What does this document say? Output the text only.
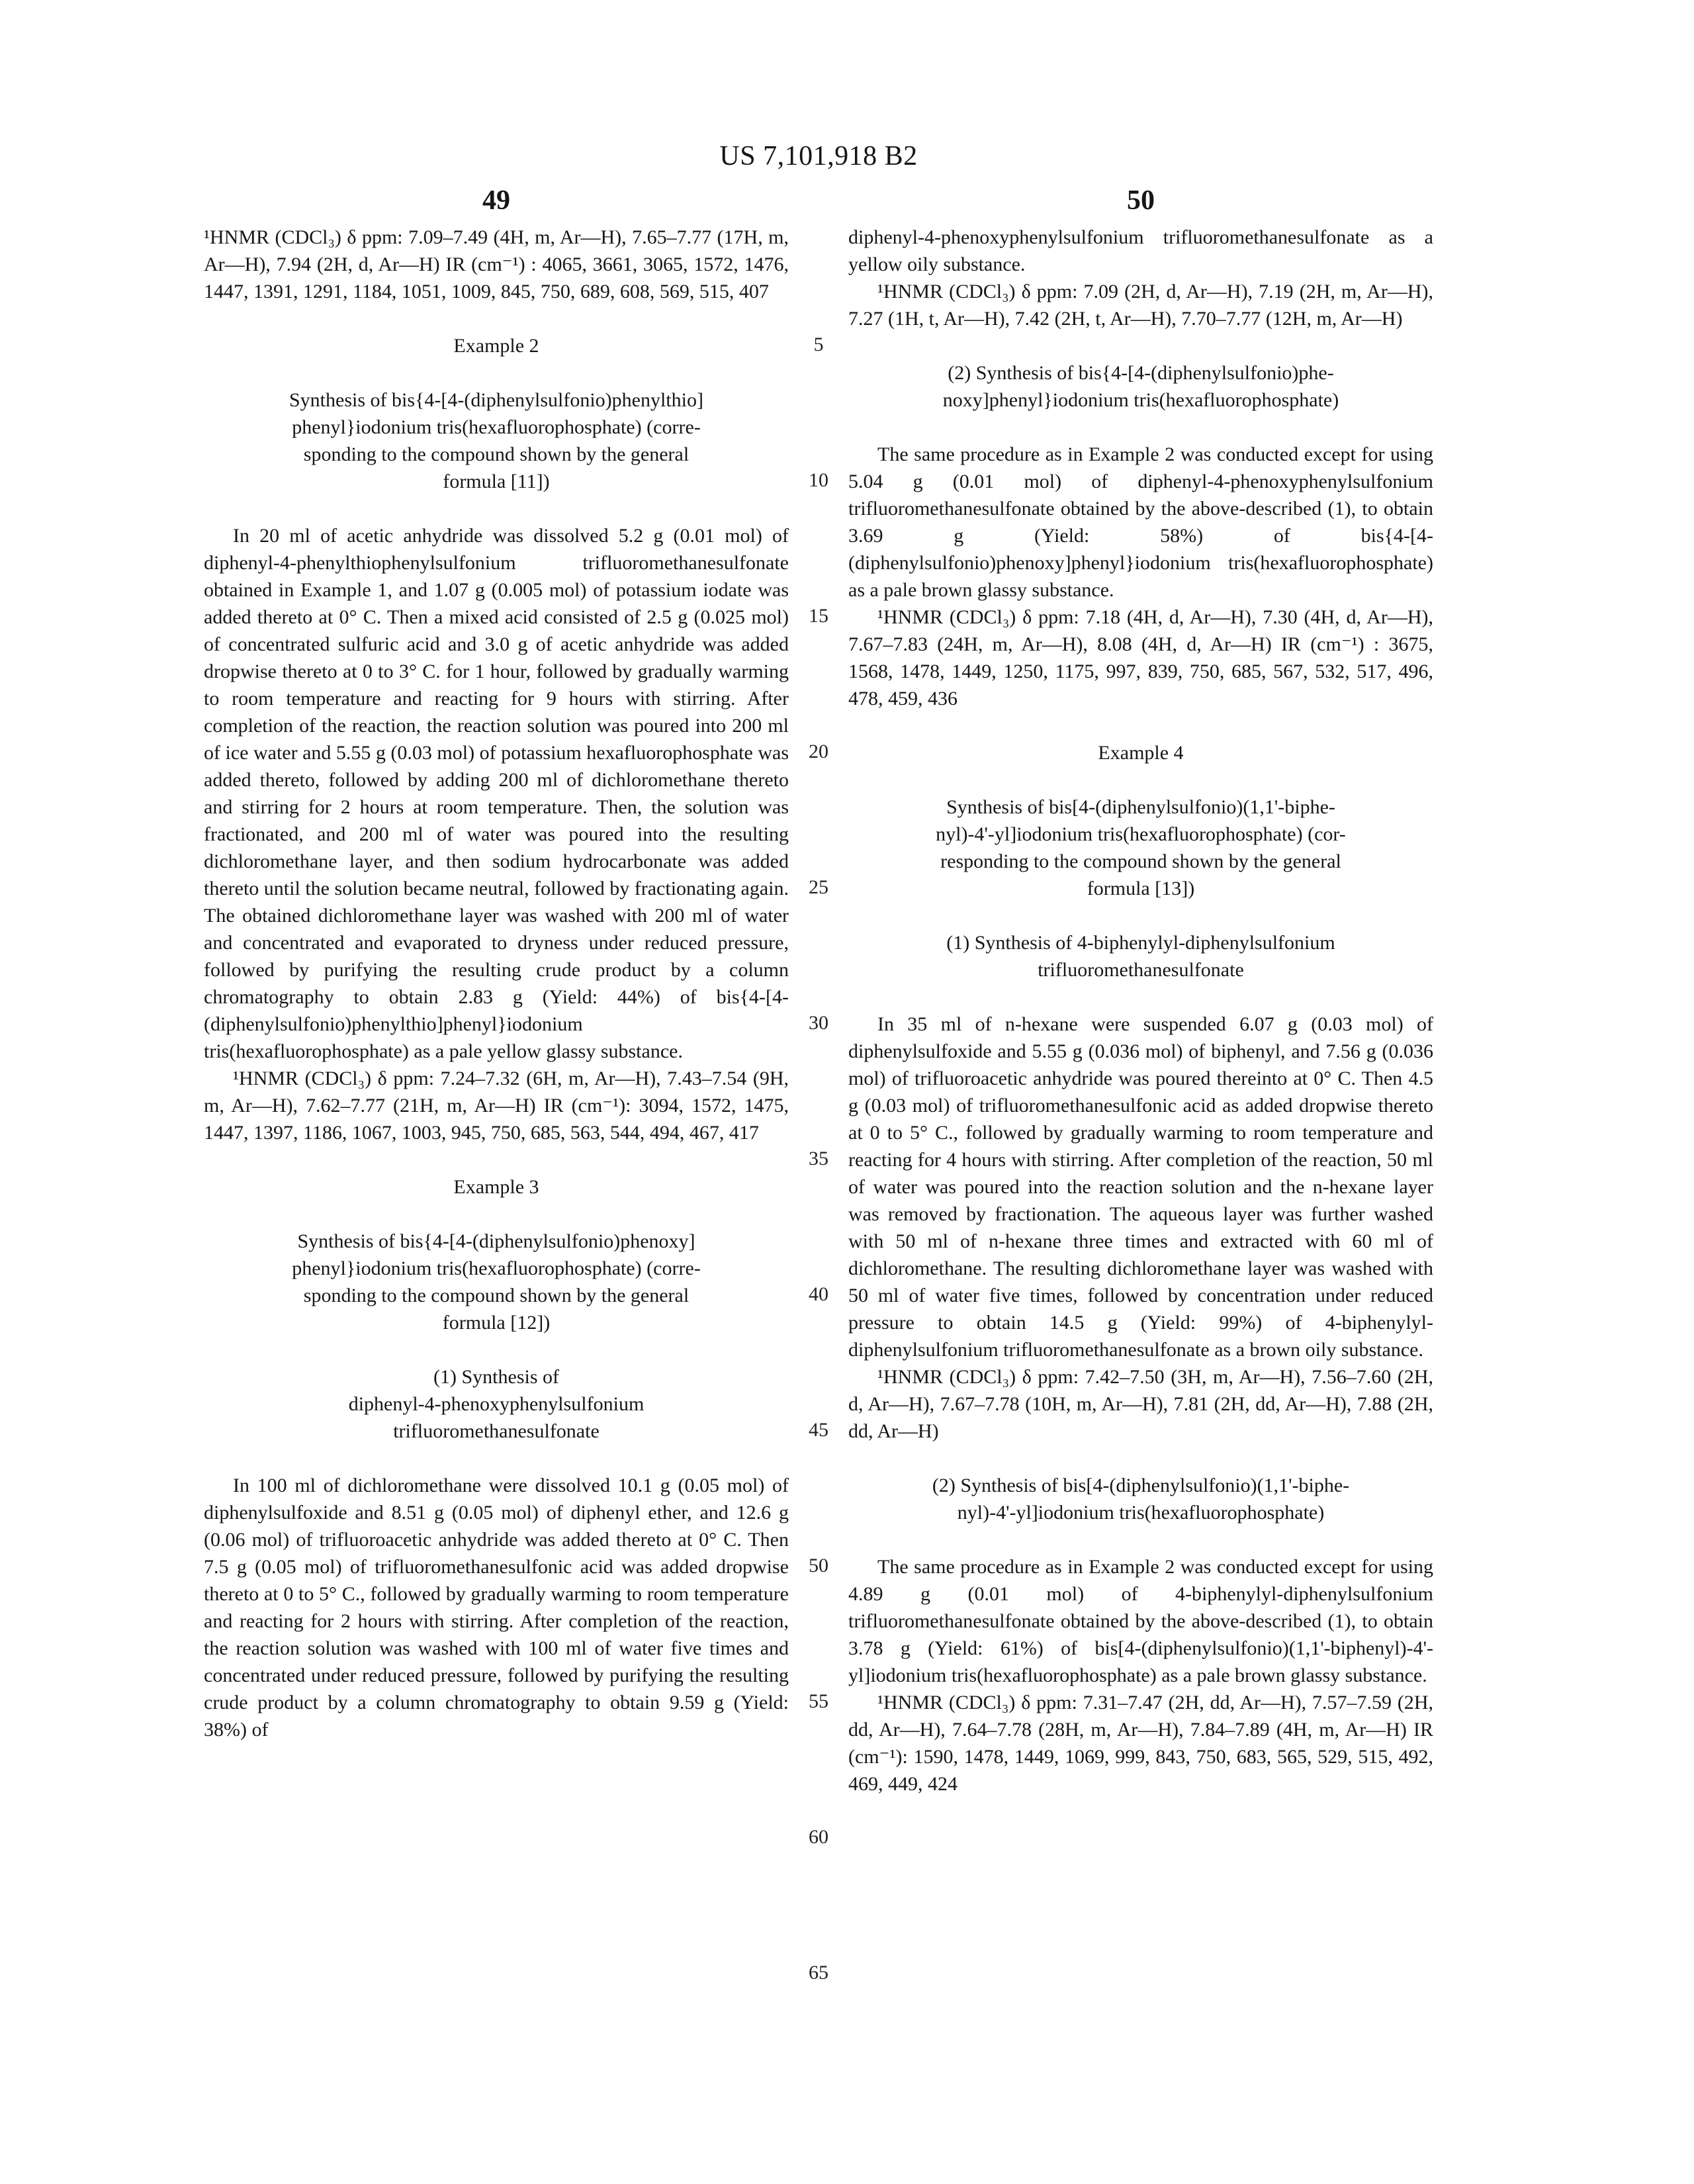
US 7,101,918 B2
5
10
15
20
25
30
35
40
45
50
55
60
65
49

¹HNMR (CDCl₃) δ ppm: 7.09–7.49 (4H, m, Ar—H), 7.65–7.77 (17H, m, Ar—H), 7.94 (2H, d, Ar—H) IR (cm⁻¹) : 4065, 3661, 3065, 1572, 1476, 1447, 1391, 1291, 1184, 1051, 1009, 845, 750, 689, 608, 569, 515, 407

Example 2
Synthesis of bis{4-[4-(diphenylsulfonio)phenylthio]
phenyl}iodonium tris(hexafluorophosphate) (corre-
sponding to the compound shown by the general
formula [11])

In 20 ml of acetic anhydride was dissolved 5.2 g (0.01 mol) of diphenyl-4-phenylthiophenylsulfonium trifluoromethanesulfonate obtained in Example 1, and 1.07 g (0.005 mol) of potassium iodate was added thereto at 0° C. Then a mixed acid consisted of 2.5 g (0.025 mol) of concentrated sulfuric acid and 3.0 g of acetic anhydride was added dropwise thereto at 0 to 3° C. for 1 hour, followed by gradually warming to room temperature and reacting for 9 hours with stirring. After completion of the reaction, the reaction solution was poured into 200 ml of ice water and 5.55 g (0.03 mol) of potassium hexafluorophosphate was added thereto, followed by adding 200 ml of dichloromethane thereto and stirring for 2 hours at room temperature. Then, the solution was fractionated, and 200 ml of water was poured into the resulting dichloromethane layer, and then sodium hydrocarbonate was added thereto until the solution became neutral, followed by fractionating again. The obtained dichloromethane layer was washed with 200 ml of water and concentrated and evaporated to dryness under reduced pressure, followed by purifying the resulting crude product by a column chromatography to obtain 2.83 g (Yield: 44%) of bis{4-[4-(diphenylsulfonio)phenylthio]phenyl}iodonium tris(hexafluorophosphate) as a pale yellow glassy substance.

¹HNMR (CDCl₃) δ ppm: 7.24–7.32 (6H, m, Ar—H), 7.43–7.54 (9H, m, Ar—H), 7.62–7.77 (21H, m, Ar—H) IR (cm⁻¹): 3094, 1572, 1475, 1447, 1397, 1186, 1067, 1003, 945, 750, 685, 563, 544, 494, 467, 417

Example 3
Synthesis of bis{4-[4-(diphenylsulfonio)phenoxy]
phenyl}iodonium tris(hexafluorophosphate) (corre-
sponding to the compound shown by the general
formula [12])
(1) Synthesis of
diphenyl-4-phenoxyphenylsulfonium
trifluoromethanesulfonate

In 100 ml of dichloromethane were dissolved 10.1 g (0.05 mol) of diphenylsulfoxide and 8.51 g (0.05 mol) of diphenyl ether, and 12.6 g (0.06 mol) of trifluoroacetic anhydride was added thereto at 0° C. Then 7.5 g (0.05 mol) of trifluoromethanesulfonic acid was added dropwise thereto at 0 to 5° C., followed by gradually warming to room temperature and reacting for 2 hours with stirring. After completion of the reaction, the reaction solution was washed with 100 ml of water five times and concentrated under reduced pressure, followed by purifying the resulting crude product by a column chromatography to obtain 9.59 g (Yield: 38%) of

50

diphenyl-4-phenoxyphenylsulfonium trifluoromethanesulfonate as a yellow oily substance.

¹HNMR (CDCl₃) δ ppm: 7.09 (2H, d, Ar—H), 7.19 (2H, m, Ar—H), 7.27 (1H, t, Ar—H), 7.42 (2H, t, Ar—H), 7.70–7.77 (12H, m, Ar—H)

(2) Synthesis of bis{4-[4-(diphenylsulfonio)phe-
noxy]phenyl}iodonium tris(hexafluorophosphate)

The same procedure as in Example 2 was conducted except for using 5.04 g (0.01 mol) of diphenyl-4-phenoxyphenylsulfonium trifluoromethanesulfonate obtained by the above-described (1), to obtain 3.69 g (Yield: 58%) of bis{4-[4-(diphenylsulfonio)phenoxy]phenyl}iodonium tris(hexafluorophosphate) as a pale brown glassy substance.

¹HNMR (CDCl₃) δ ppm: 7.18 (4H, d, Ar—H), 7.30 (4H, d, Ar—H), 7.67–7.83 (24H, m, Ar—H), 8.08 (4H, d, Ar—H) IR (cm⁻¹) : 3675, 1568, 1478, 1449, 1250, 1175, 997, 839, 750, 685, 567, 532, 517, 496, 478, 459, 436

Example 4
Synthesis of bis[4-(diphenylsulfonio)(1,1'-biphe-
nyl)-4'-yl]iodonium tris(hexafluorophosphate) (cor-
responding to the compound shown by the general
formula [13])
(1) Synthesis of 4-biphenylyl-diphenylsulfonium
trifluoromethanesulfonate

In 35 ml of n-hexane were suspended 6.07 g (0.03 mol) of diphenylsulfoxide and 5.55 g (0.036 mol) of biphenyl, and 7.56 g (0.036 mol) of trifluoroacetic anhydride was poured thereinto at 0° C. Then 4.5 g (0.03 mol) of trifluoromethanesulfonic acid as added dropwise thereto at 0 to 5° C., followed by gradually warming to room temperature and reacting for 4 hours with stirring. After completion of the reaction, 50 ml of water was poured into the reaction solution and the n-hexane layer was removed by fractionation. The aqueous layer was further washed with 50 ml of n-hexane three times and extracted with 60 ml of dichloromethane. The resulting dichloromethane layer was washed with 50 ml of water five times, followed by concentration under reduced pressure to obtain 14.5 g (Yield: 99%) of 4-biphenylyl-diphenylsulfonium trifluoromethanesulfonate as a brown oily substance.

¹HNMR (CDCl₃) δ ppm: 7.42–7.50 (3H, m, Ar—H), 7.56–7.60 (2H, d, Ar—H), 7.67–7.78 (10H, m, Ar—H), 7.81 (2H, dd, Ar—H), 7.88 (2H, dd, Ar—H)

(2) Synthesis of bis[4-(diphenylsulfonio)(1,1'-biphe-
nyl)-4'-yl]iodonium tris(hexafluorophosphate)

The same procedure as in Example 2 was conducted except for using 4.89 g (0.01 mol) of 4-biphenylyl-diphenylsulfonium trifluoromethanesulfonate obtained by the above-described (1), to obtain 3.78 g (Yield: 61%) of bis[4-(diphenylsulfonio)(1,1'-biphenyl)-4'-yl]iodonium tris(hexafluorophosphate) as a pale brown glassy substance.

¹HNMR (CDCl₃) δ ppm: 7.31–7.47 (2H, dd, Ar—H), 7.57–7.59 (2H, dd, Ar—H), 7.64–7.78 (28H, m, Ar—H), 7.84–7.89 (4H, m, Ar—H) IR (cm⁻¹): 1590, 1478, 1449, 1069, 999, 843, 750, 683, 565, 529, 515, 492, 469, 449, 424
